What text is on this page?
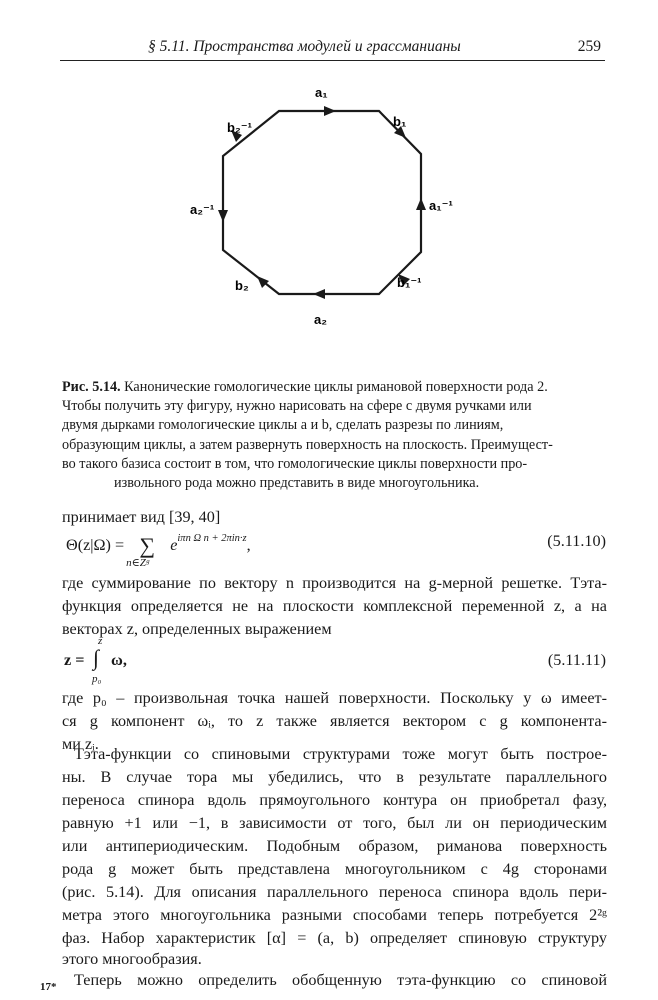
§ 5.11. Пространства модулей и грассманианы	259
a₁
b₁
a₁⁻¹
b₁⁻¹
a₂
b₂
a₂⁻¹
b₂⁻¹
Рис. 5.14. Канонические гомологические циклы римановой поверхности рода 2.
Чтобы получить эту фигуру, нужно нарисовать на сфере с двумя ручками или
двумя дырками гомологические циклы a и b, сделать разрезы по линиям,
образующим циклы, а затем развернуть поверхность на плоскость. Преимущест-
во такого базиса состоит в том, что гомологические циклы поверхности про-
извольного рода можно представить в виде многоугольника.
принимает вид [39, 40]
Θ(z|Ω) = ∑
n∈Zᵍ
$e^{i\pi n \Omega n + 2\pi in\cdot z}$,	(5.11.10)
где суммирование по вектору n производится на g-мерной решетке. Тэта-
функция определяется не на плоскости комплексной переменной z, а на
векторах z, определенных выражением
z =
z
∫
p₀
ω,	(5.11.11)
где p₀ – произвольная точка нашей поверхности. Поскольку у ω имеет-
ся g компонент ωᵢ, то z также является вектором с g компонента-
ми zᵢ.
Тэта-функции со спиновыми структурами тоже могут быть построе-
ны. В случае тора мы убедились, что в результате параллельного
переноса спинора вдоль прямоугольного контура он приобретал фазу,
равную +1 или −1, в зависимости от того, был ли он периодическим
или антипериодическим. Подобным образом, риманова поверхность
рода g может быть представлена многоугольником с 4g сторонами
(рис. 5.14). Для описания параллельного переноса спинора вдоль пери-
метра этого многоугольника разными способами теперь потребуется 2²ᵍ
фаз. Набор характеристик [α] = (a, b) определяет спиновую структуру
этого многообразия.
Теперь можно определить обобщенную тэта-функцию со спиновой
17*
